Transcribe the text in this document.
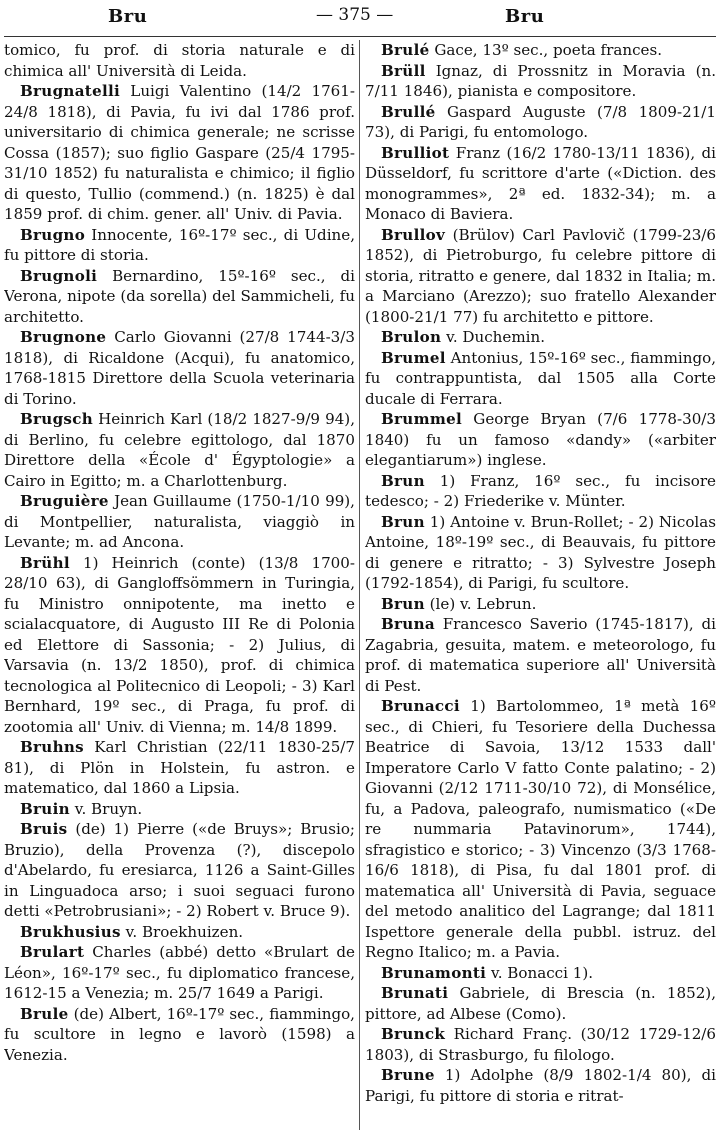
Bru	— 375 —	Bru

tomico, fu prof. di storia naturale e di chimica all' Università di Leida.

Brugnatelli Luigi Valentino (14/2 1761-24/8 1818), di Pavia, fu ivi dal 1786 prof. universitario di chimica generale; ne scrisse Cossa (1857); suo figlio Gaspare (25/4 1795-31/10 1852) fu naturalista e chimico; il figlio di questo, Tullio (commend.) (n. 1825) è dal 1859 prof. di chim. gener. all' Univ. di Pavia.

Brugno Innocente, 16º-17º sec., di Udine, fu pittore di storia.

Brugnoli Bernardino, 15º-16º sec., di Verona, nipote (da sorella) del Sammicheli, fu architetto.

Brugnone Carlo Giovanni (27/8 1744-3/3 1818), di Ricaldone (Acqui), fu anatomico, 1768-1815 Direttore della Scuola veterinaria di Torino.

Brugsch Heinrich Karl (18/2 1827-9/9 94), di Berlino, fu celebre egittologo, dal 1870 Direttore della «École d' Égyptologie» a Cairo in Egitto; m. a Charlottenburg.

Bruguière Jean Guillaume (1750-1/10 99), di Montpellier, naturalista, viaggiò in Levante; m. ad Ancona.

Brühl 1) Heinrich (conte) (13/8 1700-28/10 63), di Gangloffsömmern in Turingia, fu Ministro onnipotente, ma inetto e scialacquatore, di Augusto III Re di Polonia ed Elettore di Sassonia; - 2) Julius, di Varsavia (n. 13/2 1850), prof. di chimica tecnologica al Politecnico di Leopoli; - 3) Karl Bernhard, 19º sec., di Praga, fu prof. di zootomia all' Univ. di Vienna; m. 14/8 1899.

Bruhns Karl Christian (22/11 1830-25/7 81), di Plön in Holstein, fu astron. e matematico, dal 1860 a Lipsia.

Bruin v. Bruyn.

Bruis (de) 1) Pierre («de Bruys»; Brusio; Bruzio), della Provenza (?), discepolo d'Abelardo, fu eresiarca, 1126 a Saint-Gilles in Linguadoca arso; i suoi seguaci furono detti «Petrobrusiani»; - 2) Robert v. Bruce 9).

Brukhusius v. Broekhuizen.

Brulart Charles (abbé) detto «Brulart de Léon», 16º-17º sec., fu diplomatico francese, 1612-15 a Venezia; m. 25/7 1649 a Parigi.

Brule (de) Albert, 16º-17º sec., fiammingo, fu scultore in legno e lavorò (1598) a Venezia.

Brulé Gace, 13º sec., poeta frances.

Brüll Ignaz, di Prossnitz in Moravia (n. 7/11 1846), pianista e compositore.

Brullé Gaspard Auguste (7/8 1809-21/1 73), di Parigi, fu entomologo.

Brulliot Franz (16/2 1780-13/11 1836), di Düsseldorf, fu scrittore d'arte («Diction. des monogrammes», 2ª ed. 1832-34); m. a Monaco di Baviera.

Brullov (Brülov) Carl Pavlovič (1799-23/6 1852), di Pietroburgo, fu celebre pittore di storia, ritratto e genere, dal 1832 in Italia; m. a Marciano (Arezzo); suo fratello Alexander (1800-21/1 77) fu architetto e pittore.

Brulon v. Duchemin.

Brumel Antonius, 15º-16º sec., fiammingo, fu contrappuntista, dal 1505 alla Corte ducale di Ferrara.

Brummel George Bryan (7/6 1778-30/3 1840) fu un famoso «dandy» («arbiter elegantiarum») inglese.

Brun 1) Franz, 16º sec., fu incisore tedesco; - 2) Friederike v. Münter.

Brun 1) Antoine v. Brun-Rollet; - 2) Nicolas Antoine, 18º-19º sec., di Beauvais, fu pittore di genere e ritratto; - 3) Sylvestre Joseph (1792-1854), di Parigi, fu scultore.

Brun (le) v. Lebrun.

Bruna Francesco Saverio (1745-1817), di Zagabria, gesuita, matem. e meteorologo, fu prof. di matematica superiore all' Università di Pest.

Brunacci 1) Bartolommeo, 1ª metà 16º sec., di Chieri, fu Tesoriere della Duchessa Beatrice di Savoia, 13/12 1533 dall' Imperatore Carlo V fatto Conte palatino; - 2) Giovanni (2/12 1711-30/10 72), di Monsélice, fu, a Padova, paleografo, numismatico («De re nummaria Patavinorum», 1744), sfragistico e storico; - 3) Vincenzo (3/3 1768-16/6 1818), di Pisa, fu dal 1801 prof. di matematica all' Università di Pavia, seguace del metodo analitico del Lagrange; dal 1811 Ispettore generale della pubbl. istruz. del Regno Italico; m. a Pavia.

Brunamonti v. Bonacci 1).

Brunati Gabriele, di Brescia (n. 1852), pittore, ad Albese (Como).

Brunck Richard Franç. (30/12 1729-12/6 1803), di Strasburgo, fu filologo.

Brune 1) Adolphe (8/9 1802-1/4 80), di Parigi, fu pittore di storia e ritrat-
